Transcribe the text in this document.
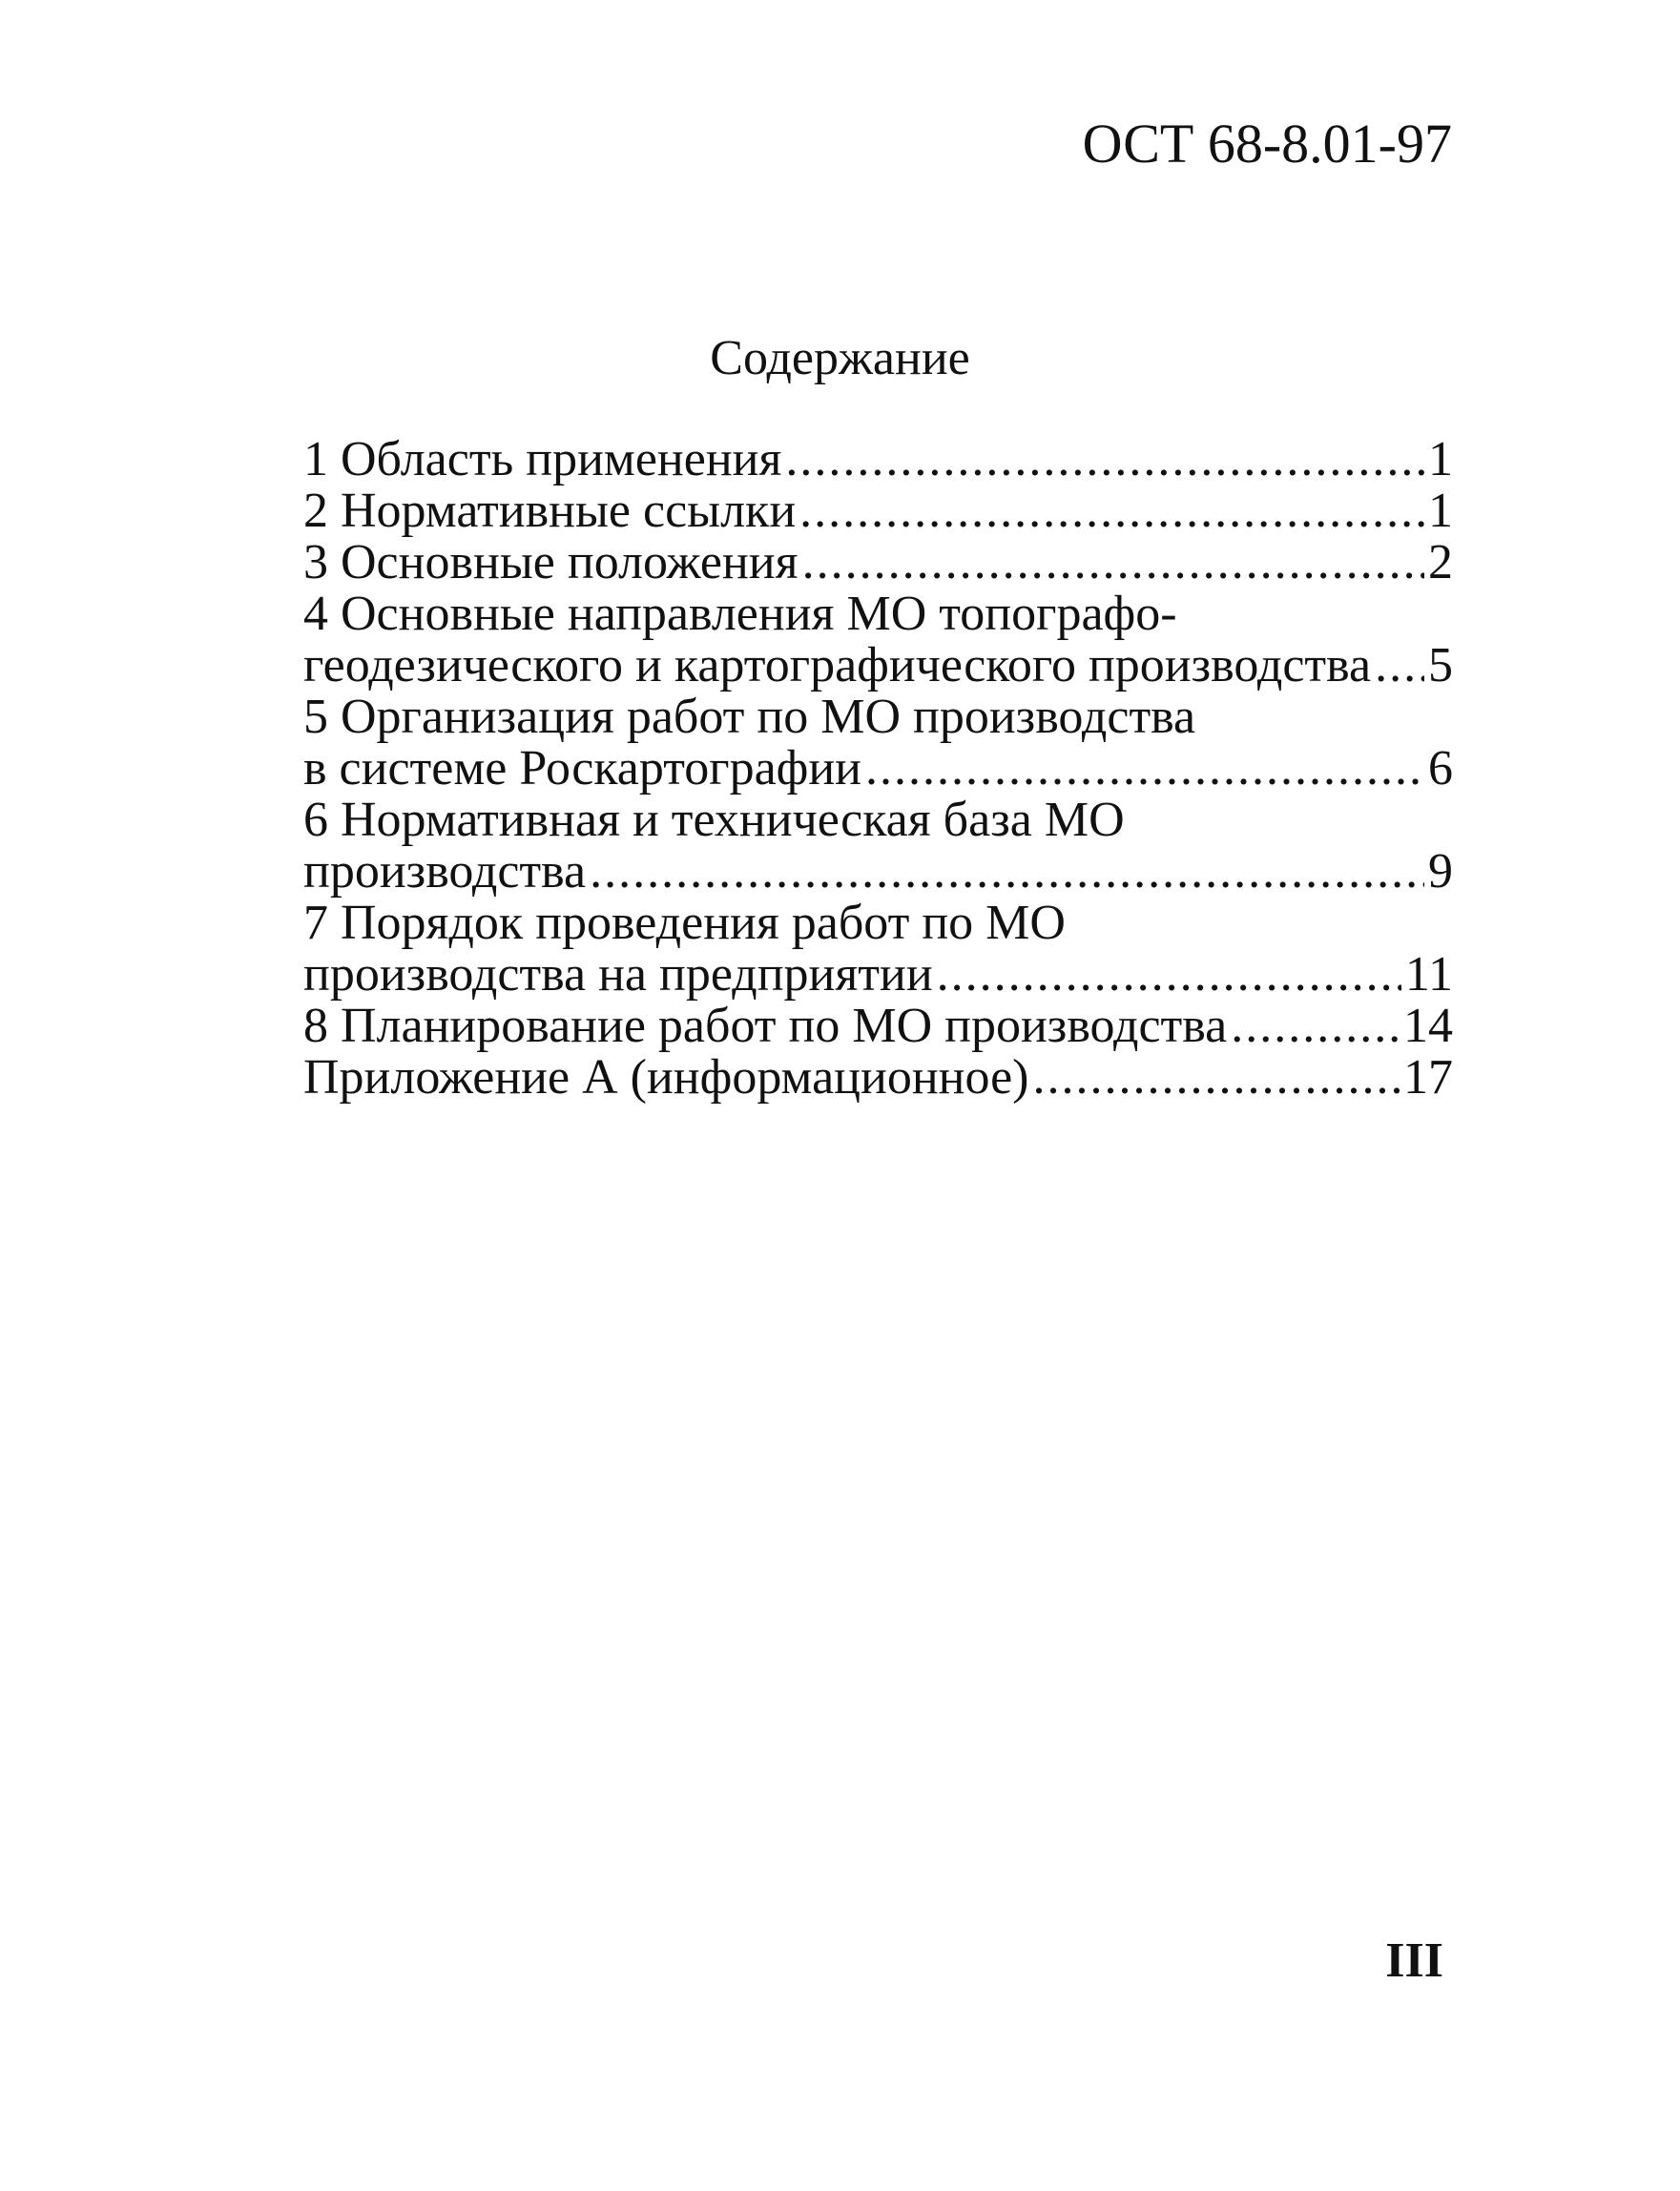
ОСТ 68-8.01-97
Содержание
1 Область применения .....	1
2 Нормативные ссылки .....	1
3 Основные положения .....	2
4 Основные направления МО топографо-
геодезического и картографического производства ..... 5
5 Организация работ по МО производства
в системе Роскартографии .....	6
6 Нормативная и техническая база МО
производства .....	9
7 Порядок проведения работ по МО
производства на предприятии .....	11
8 Планирование работ по МО производства .....	14
Приложение А (информационное) .....	17
III
